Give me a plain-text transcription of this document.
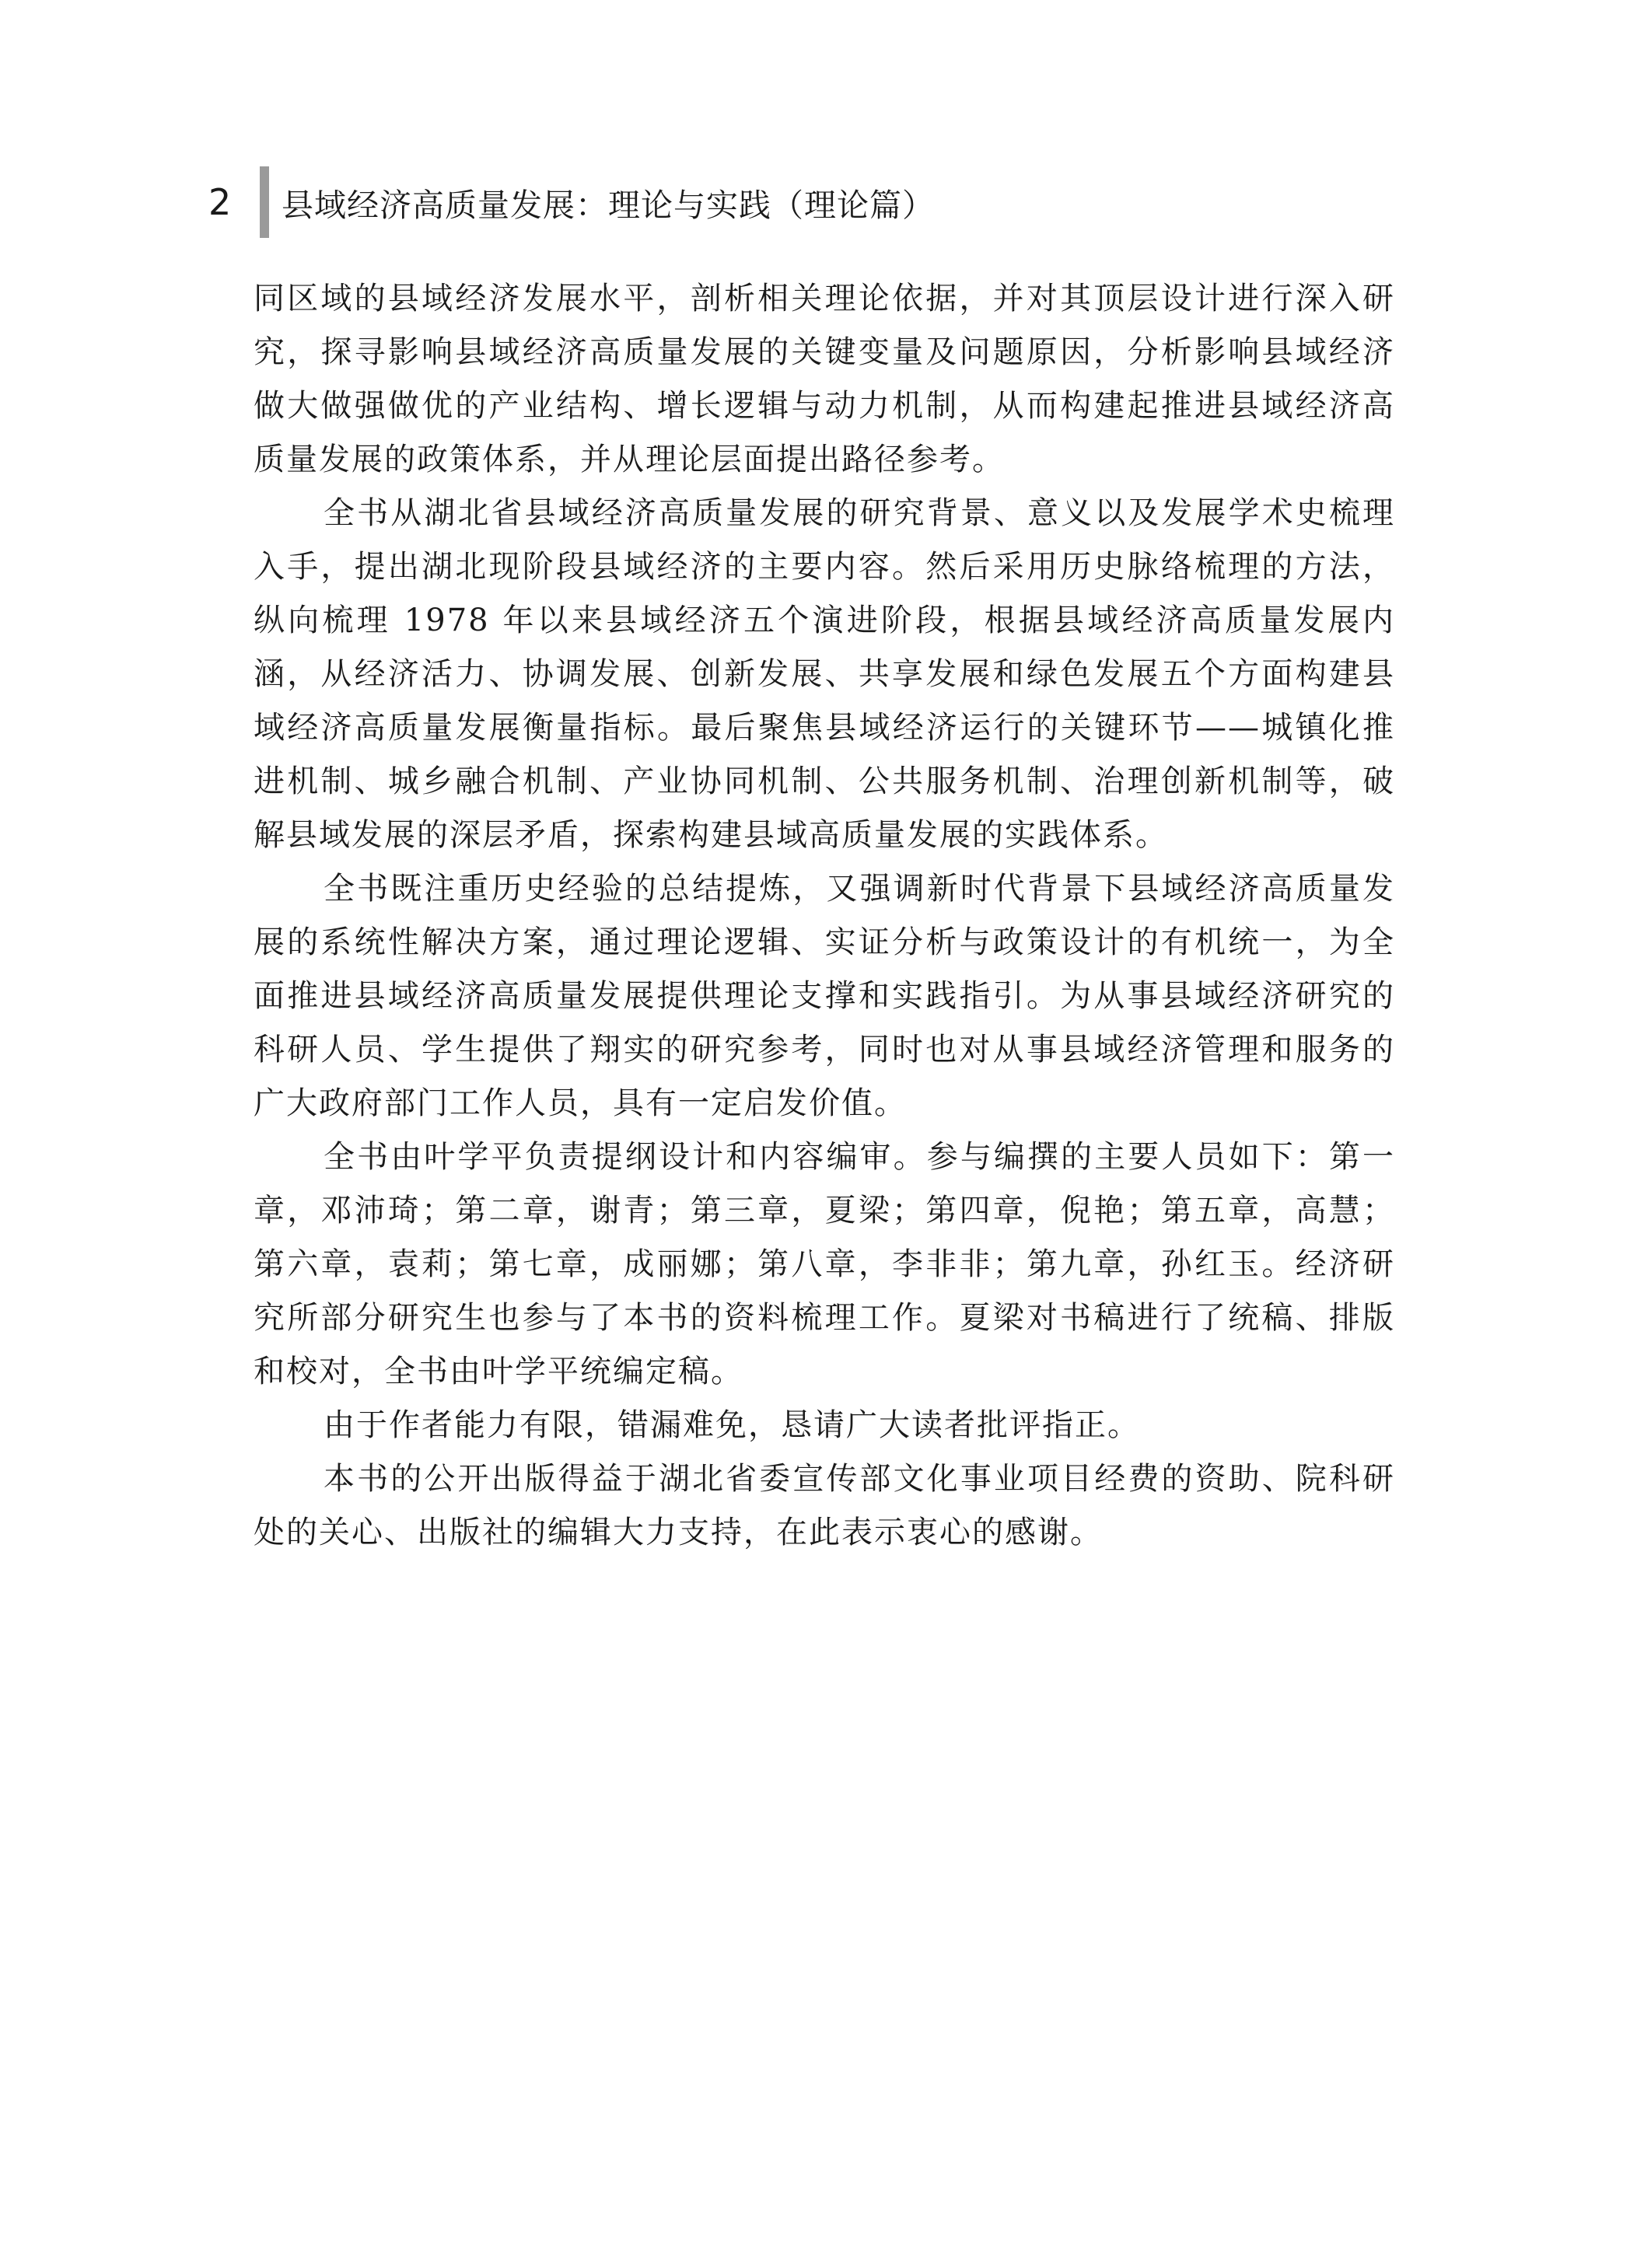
2 县域经济高质量发展：理论与实践（理论篇）

同区域的县域经济发展水平，剖析相关理论依据，并对其顶层设计进行深入研究，探寻影响县域经济高质量发展的关键变量及问题原因，分析影响县域经济做大做强做优的产业结构、增长逻辑与动力机制，从而构建起推进县域经济高质量发展的政策体系，并从理论层面提出路径参考。

全书从湖北省县域经济高质量发展的研究背景、意义以及发展学术史梳理入手，提出湖北现阶段县域经济的主要内容。然后采用历史脉络梳理的方法，纵向梳理 1978 年以来县域经济五个演进阶段，根据县域经济高质量发展内涵，从经济活力、协调发展、创新发展、共享发展和绿色发展五个方面构建县域经济高质量发展衡量指标。最后聚焦县域经济运行的关键环节——城镇化推进机制、城乡融合机制、产业协同机制、公共服务机制、治理创新机制等，破解县域发展的深层矛盾，探索构建县域高质量发展的实践体系。

全书既注重历史经验的总结提炼，又强调新时代背景下县域经济高质量发展的系统性解决方案，通过理论逻辑、实证分析与政策设计的有机统一，为全面推进县域经济高质量发展提供理论支撑和实践指引。为从事县域经济研究的科研人员、学生提供了翔实的研究参考，同时也对从事县域经济管理和服务的广大政府部门工作人员，具有一定启发价值。

全书由叶学平负责提纲设计和内容编审。参与编撰的主要人员如下：第一章，邓沛琦；第二章，谢青；第三章，夏梁；第四章，倪艳；第五章，高慧；第六章，袁莉；第七章，成丽娜；第八章，李非非；第九章，孙红玉。经济研究所部分研究生也参与了本书的资料梳理工作。夏梁对书稿进行了统稿、排版和校对，全书由叶学平统编定稿。

由于作者能力有限，错漏难免，恳请广大读者批评指正。

本书的公开出版得益于湖北省委宣传部文化事业项目经费的资助、院科研处的关心、出版社的编辑大力支持，在此表示衷心的感谢。
